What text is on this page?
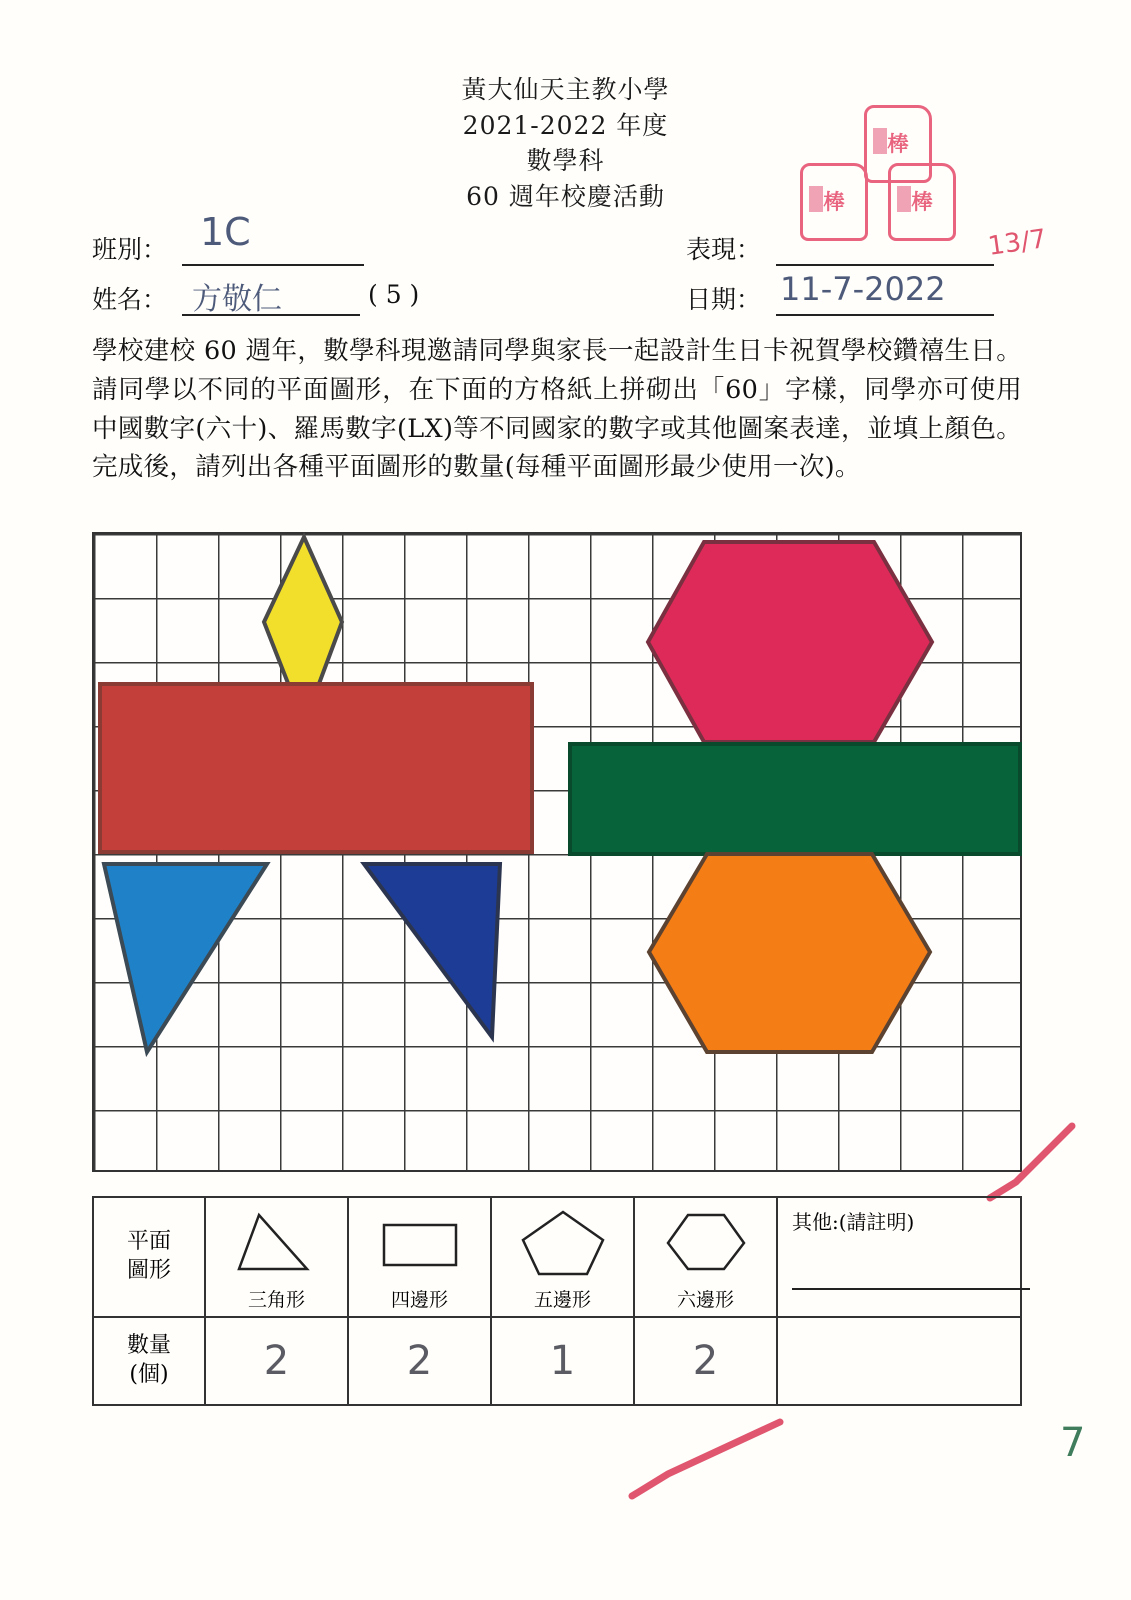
黃大仙天主教小學
2021-2022 年度
數學科
60 週年校慶活動
棒
棒	棒
13/7
班別： 1C
姓名： 方敬仁	( 5 )
表現：
日期： 11-7-2022
學校建校 60 週年，數學科現邀請同學與家長一起設計生日卡祝賀學校鑽禧生日。請同學以不同的平面圖形，在下面的方格紙上拼砌出「60」字樣，同學亦可使用中國數字(六十)、羅馬數字(LX)等不同國家的數字或其他圖案表達，並填上顏色。完成後，請列出各種平面圖形的數量(每種平面圖形最少使用一次)。
7
平面
圖形
三角形	四邊形	五邊形	六邊形
其他:(請註明)
數量
(個)	2	2	1	2
